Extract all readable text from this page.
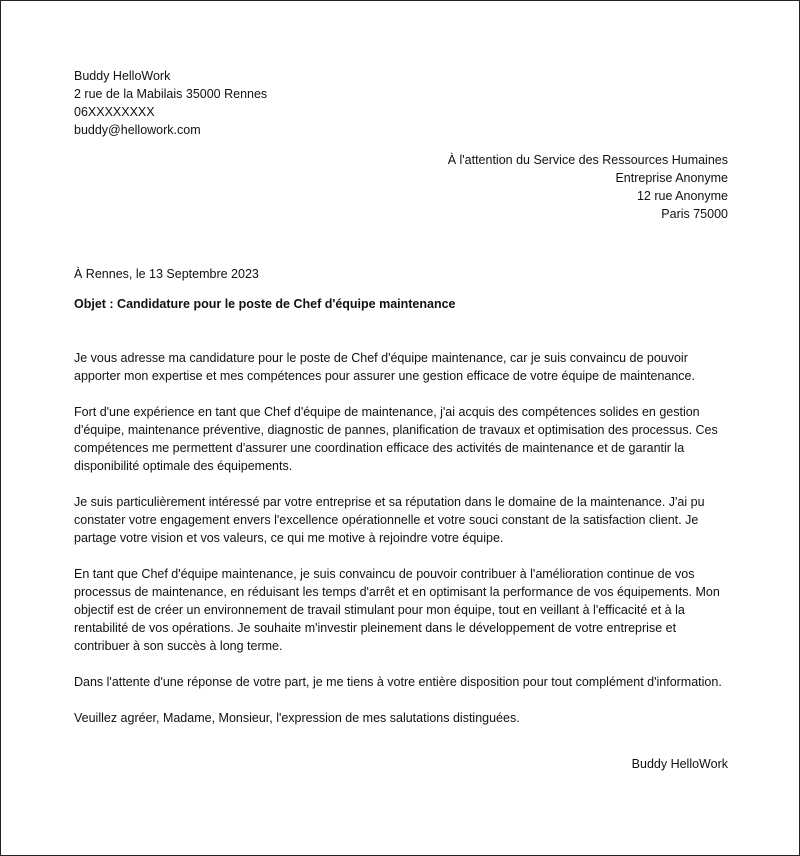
Buddy HelloWork
2 rue de la Mabilais 35000 Rennes
06XXXXXXXX
buddy@hellowork.com
À l'attention du Service des Ressources Humaines
Entreprise Anonyme
12 rue Anonyme
Paris 75000
À Rennes, le 13 Septembre 2023
Objet : Candidature pour le poste de Chef d'équipe maintenance

Je vous adresse ma candidature pour le poste de Chef d'équipe maintenance, car je suis convaincu de pouvoir apporter mon expertise et mes compétences pour assurer une gestion efficace de votre équipe de maintenance.

Fort d'une expérience en tant que Chef d'équipe de maintenance, j'ai acquis des compétences solides en gestion d'équipe, maintenance préventive, diagnostic de pannes, planification de travaux et optimisation des processus. Ces compétences me permettent d'assurer une coordination efficace des activités de maintenance et de garantir la disponibilité optimale des équipements.

Je suis particulièrement intéressé par votre entreprise et sa réputation dans le domaine de la maintenance. J'ai pu constater votre engagement envers l'excellence opérationnelle et votre souci constant de la satisfaction client. Je partage votre vision et vos valeurs, ce qui me motive à rejoindre votre équipe.

En tant que Chef d'équipe maintenance, je suis convaincu de pouvoir contribuer à l'amélioration continue de vos processus de maintenance, en réduisant les temps d'arrêt et en optimisant la performance de vos équipements. Mon objectif est de créer un environnement de travail stimulant pour mon équipe, tout en veillant à l'efficacité et à la rentabilité de vos opérations. Je souhaite m'investir pleinement dans le développement de votre entreprise et contribuer à son succès à long terme.

Dans l'attente d'une réponse de votre part, je me tiens à votre entière disposition pour tout complément d'information.

Veuillez agréer, Madame, Monsieur, l'expression de mes salutations distinguées.
Buddy HelloWork
